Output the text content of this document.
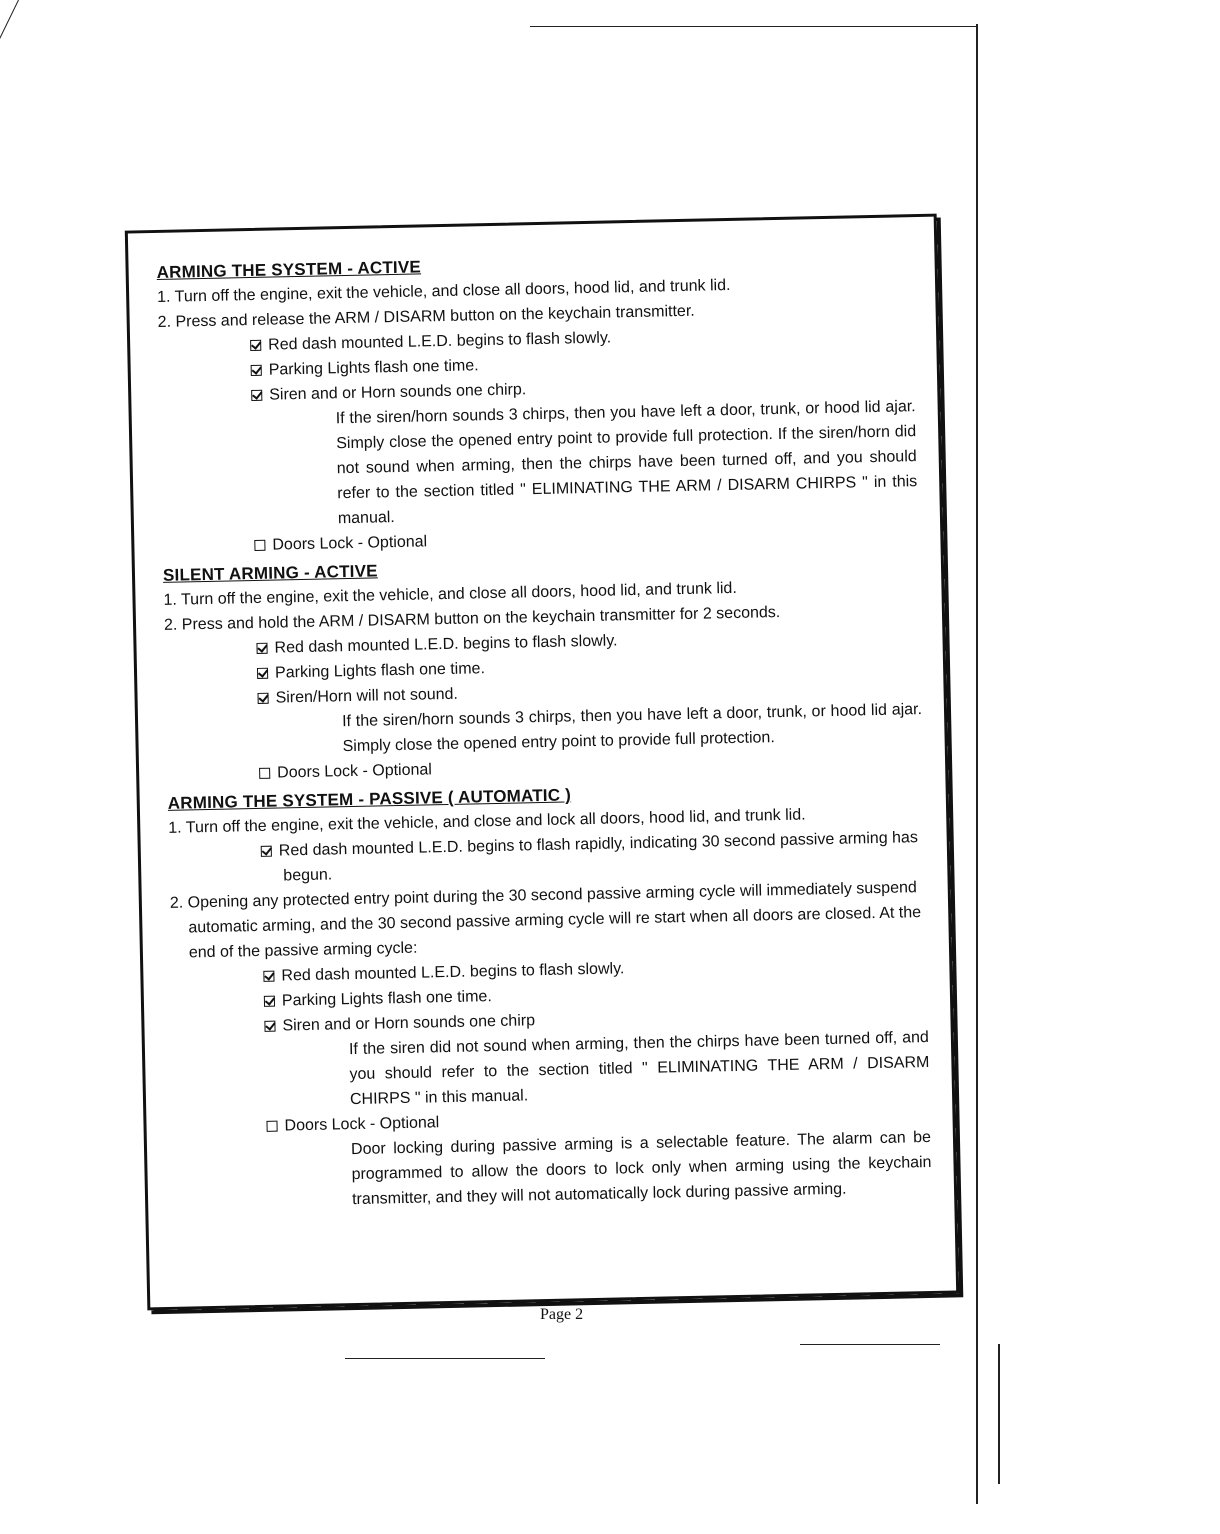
ARMING THE SYSTEM - ACTIVE
1. Turn off the engine, exit the vehicle, and close all doors, hood lid, and trunk lid.
2. Press and release the ARM / DISARM button on the keychain transmitter.
Red dash mounted L.E.D. begins to flash slowly.
Parking Lights flash one time.
Siren and or Horn sounds one chirp.
If the siren/horn sounds 3 chirps, then you have left a door, trunk, or hood lid ajar. Simply close the opened entry point to provide full protection. If the siren/horn did not sound when arming, then the chirps have been turned off, and you should refer to the section titled " ELIMINATING THE ARM / DISARM CHIRPS " in this manual.
Doors Lock - Optional
SILENT ARMING - ACTIVE
1. Turn off the engine, exit the vehicle, and close all doors, hood lid, and trunk lid.
2. Press and hold the ARM / DISARM button on the keychain transmitter for 2 seconds.
Red dash mounted L.E.D. begins to flash slowly.
Parking Lights flash one time.
Siren/Horn will not sound.
If the siren/horn sounds 3 chirps, then you have left a door, trunk, or hood lid ajar. Simply close the opened entry point to provide full protection.
Doors Lock - Optional
ARMING THE SYSTEM - PASSIVE ( AUTOMATIC )
1. Turn off the engine, exit the vehicle, and close and lock all doors, hood lid, and trunk lid.
Red dash mounted L.E.D. begins to flash rapidly, indicating 30 second passive arming has begun.
2. Opening any protected entry point during the 30 second passive arming cycle will immediately suspend automatic arming, and the 30 second passive arming cycle will re start when all doors are closed. At the end of the passive arming cycle:
Red dash mounted L.E.D. begins to flash slowly.
Parking Lights flash one time.
Siren and or Horn sounds one chirp
If the siren did not sound when arming, then the chirps have been turned off, and you should refer to the section titled " ELIMINATING THE ARM / DISARM CHIRPS " in this manual.
Doors Lock - Optional
Door locking during passive arming is a selectable feature. The alarm can be programmed to allow the doors to lock only when arming using the keychain transmitter, and they will not automatically lock during passive arming.
Page 2
